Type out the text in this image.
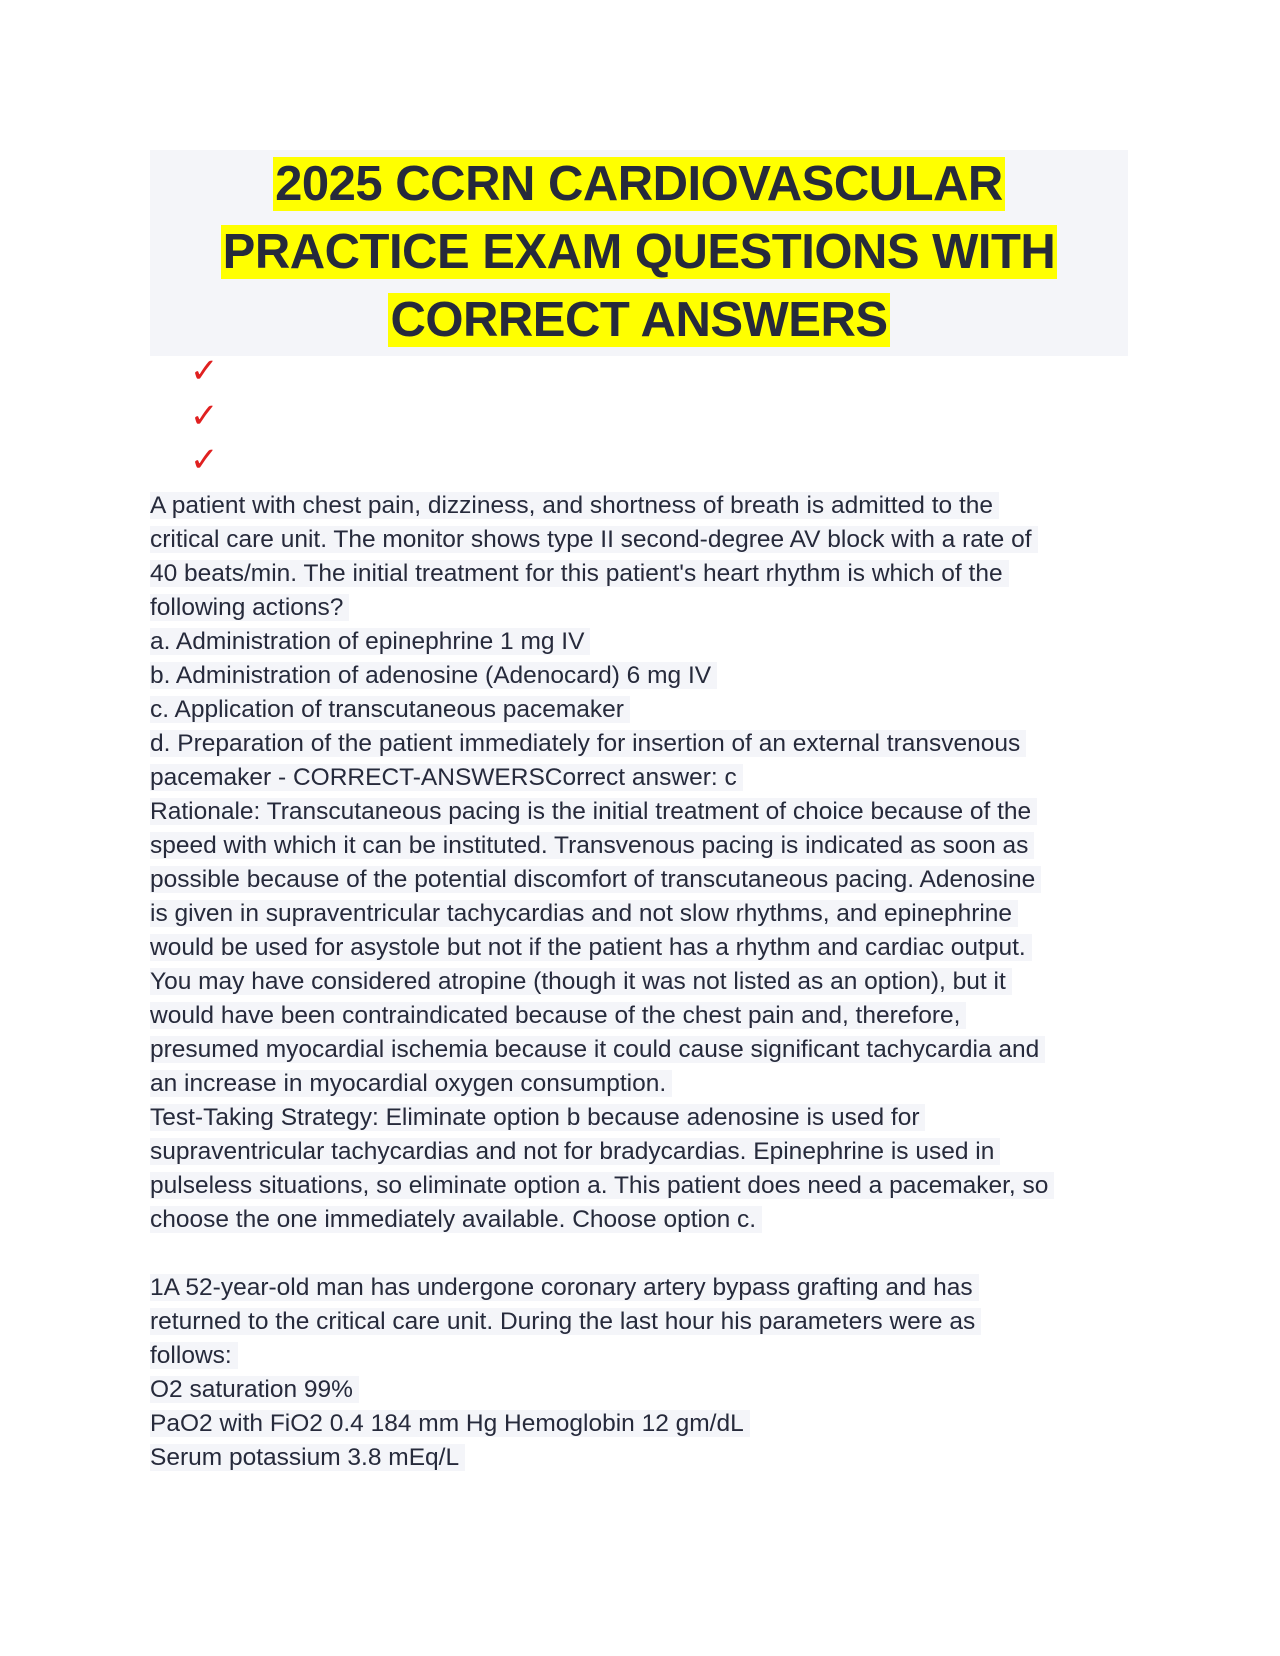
2025 CCRN CARDIOVASCULAR
PRACTICE EXAM QUESTIONS WITH
CORRECT ANSWERS
✓
✓
✓
A patient with chest pain, dizziness, and shortness of breath is admitted to the
critical care unit. The monitor shows type II second-degree AV block with a rate of
40 beats/min. The initial treatment for this patient's heart rhythm is which of the
following actions?
a. Administration of epinephrine 1 mg IV
b. Administration of adenosine (Adenocard) 6 mg IV
c. Application of transcutaneous pacemaker
d. Preparation of the patient immediately for insertion of an external transvenous
pacemaker - CORRECT-ANSWERSCorrect answer: c
Rationale: Transcutaneous pacing is the initial treatment of choice because of the
speed with which it can be instituted. Transvenous pacing is indicated as soon as
possible because of the potential discomfort of transcutaneous pacing. Adenosine
is given in supraventricular tachycardias and not slow rhythms, and epinephrine
would be used for asystole but not if the patient has a rhythm and cardiac output.
You may have considered atropine (though it was not listed as an option), but it
would have been contraindicated because of the chest pain and, therefore,
presumed myocardial ischemia because it could cause significant tachycardia and
an increase in myocardial oxygen consumption.
Test-Taking Strategy: Eliminate option b because adenosine is used for
supraventricular tachycardias and not for bradycardias. Epinephrine is used in
pulseless situations, so eliminate option a. This patient does need a pacemaker, so
choose the one immediately available. Choose option c.
1A 52-year-old man has undergone coronary artery bypass grafting and has
returned to the critical care unit. During the last hour his parameters were as
follows:
O2 saturation 99%
PaO2 with FiO2 0.4 184 mm Hg Hemoglobin 12 gm/dL
Serum potassium 3.8 mEq/L
